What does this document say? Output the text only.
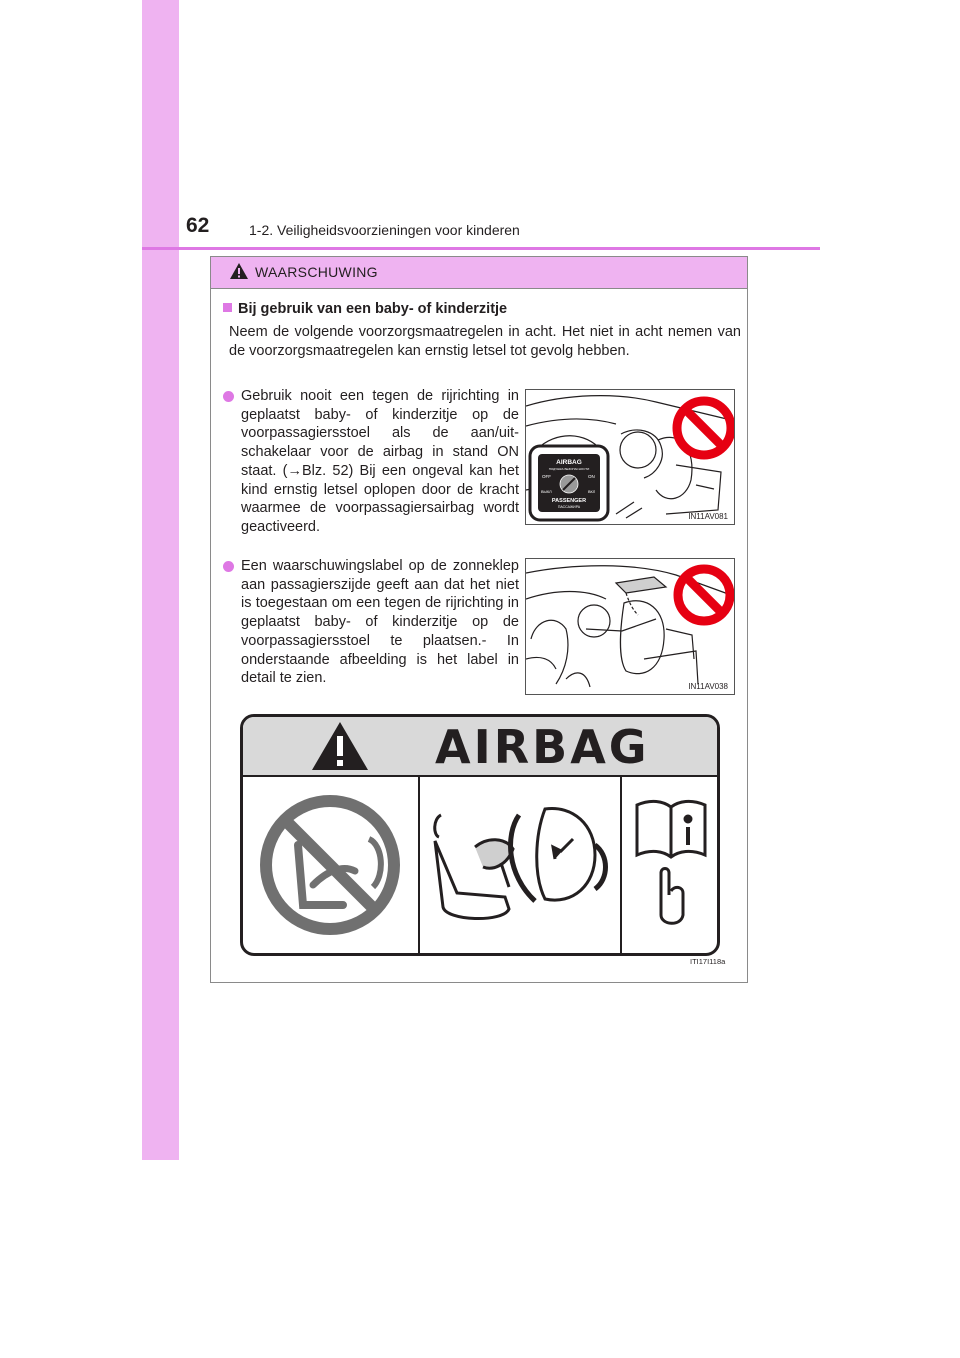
62	1-2. Veiligheidsvoorzieningen voor kinderen
WAARSCHUWING
Bij gebruik van een baby- of kinderzitje
Neem de volgende voorzorgsmaatregelen in acht. Het niet in acht nemen van de voorzorgsmaatregelen kan ernstig letsel tot gevolg hebben.
Gebruik nooit een tegen de rijrichting in geplaatst baby- of kinderzitje op de voorpassagiersstoel als de aan/uit-schakelaar voor de airbag in stand ON staat. (→Blz. 52) Bij een ongeval kan het kind ernstig letsel oplopen door de kracht waarmee de voorpassagiersairbag wordt geactiveerd.
AIRBAG
ПОДУШКА БЕЗОПАСНОСТИ
OFF	ON
ВЫКЛ	ВКЛ
PASSENGER
ПАССАЖИРА
IN11AV081
Een waarschuwingslabel op de zonneklep aan passagierszijde geeft aan dat het niet is toegestaan om een tegen de rijrichting in geplaatst baby- of kinderzitje op de voorpassagiersstoel te plaatsen.- In onderstaande afbeelding is het label in detail te zien.
IN11AV038
AIRBAG
ITI17I118a
